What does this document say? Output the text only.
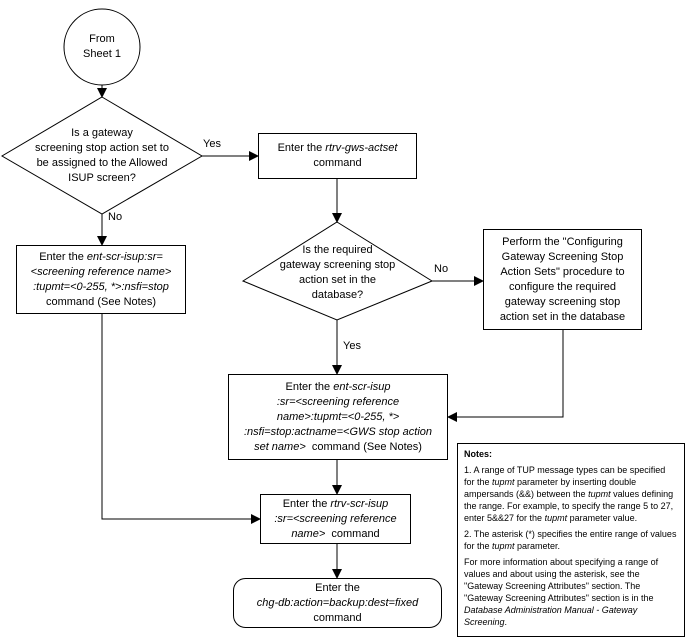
From
Sheet 1
Is a gateway
screening stop action set to
be assigned to the Allowed
ISUP screen?
Enter the rtrv-gws-actset
command
Is the required
gateway screening stop
action set in the
database?
Perform the "Configuring
Gateway Screening Stop
Action Sets" procedure to
configure the required
gateway screening stop
action set in the database
Enter the ent-scr-isup:sr=
<screening reference name>
:tupmt=<0-255, *>:nsfi=stop
command (See Notes)
Enter the ent-scr-isup
:sr=<screening reference
name>:tupmt=<0-255, *>
:nsfi=stop:actname=<GWS stop action
set name>  command (See Notes)
Enter the rtrv-scr-isup
:sr=<screening reference
name>  command
Enter the
chg-db:action=backup:dest=fixed
command
Yes
No
No
Yes
Notes:
1. A range of TUP message types can be specified for the tupmt parameter by inserting double ampersands (&&) between the tupmt values defining the range. For example, to specify the range 5 to 27, enter 5&&27 for the tupmt parameter value.
2. The asterisk (*) specifies the entire range of values for the tupmt parameter.
For more information about specifying a range of values and about using the asterisk, see the "Gateway Screening Attributes" section. The "Gateway Screening Attributes" section is in the Database Administration Manual - Gateway Screening.
